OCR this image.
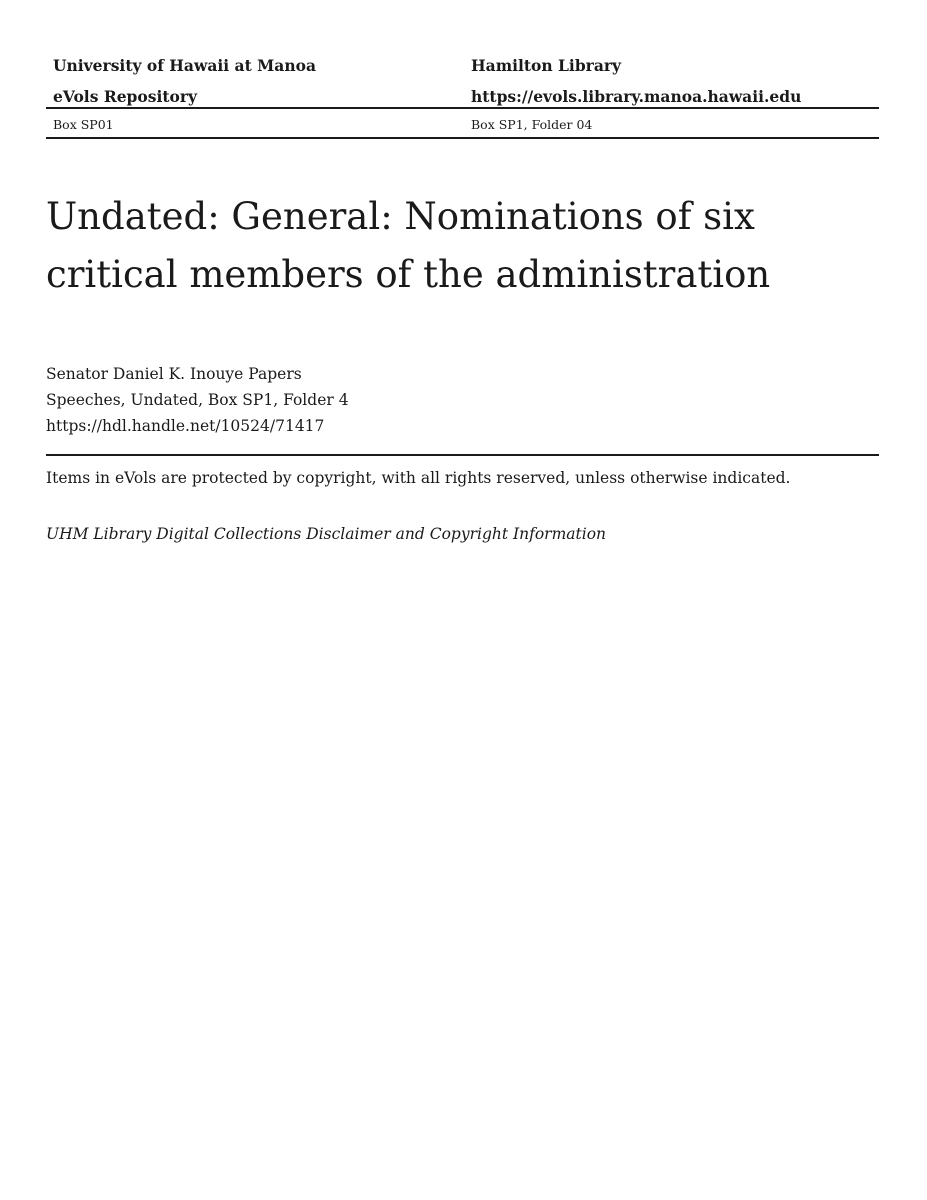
University of Hawaii at Manoa
eVols Repository
Hamilton Library
https://evols.library.manoa.hawaii.edu
Box SP01	Box SP1, Folder 04
Undated: General: Nominations of six critical members of the administration
Senator Daniel K. Inouye Papers
Speeches, Undated, Box SP1, Folder 4
https://hdl.handle.net/10524/71417
Items in eVols are protected by copyright, with all rights reserved, unless otherwise indicated.
UHM Library Digital Collections Disclaimer and Copyright Information
